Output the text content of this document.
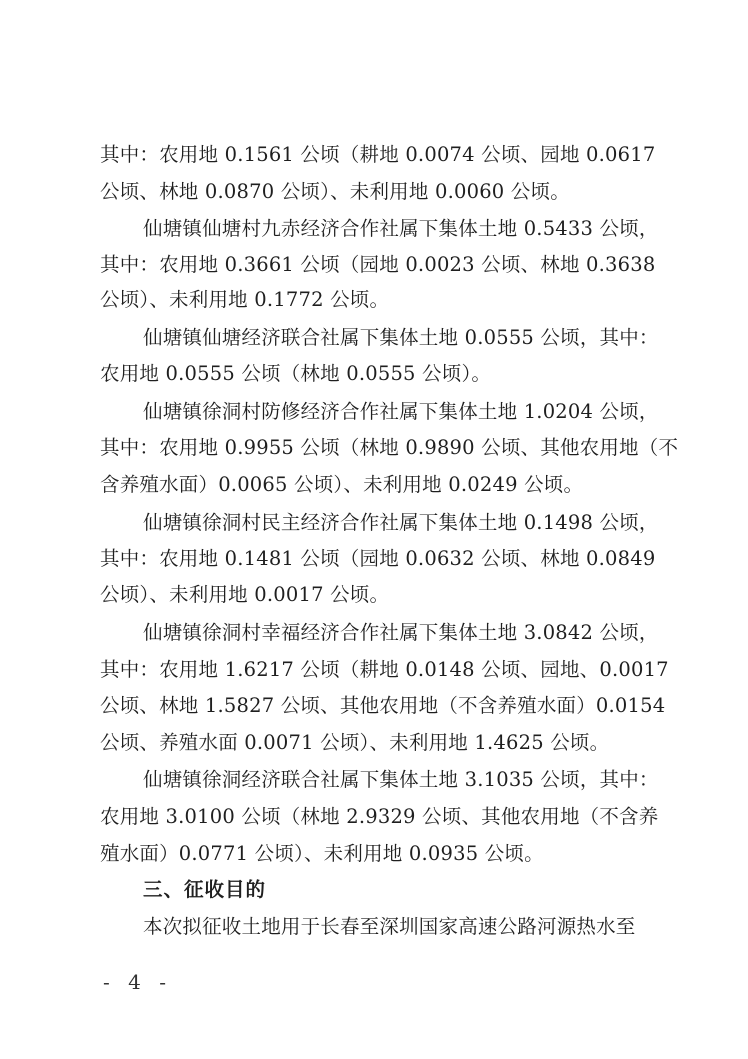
其中：农用地 0.1561 公顷（耕地 0.0074 公顷、园地 0.0617
公顷、林地 0.0870 公顷）、未利用地 0.0060 公顷。
仙塘镇仙塘村九赤经济合作社属下集体土地 0.5433 公顷，
其中：农用地 0.3661 公顷（园地 0.0023 公顷、林地 0.3638
公顷）、未利用地 0.1772 公顷。
仙塘镇仙塘经济联合社属下集体土地 0.0555 公顷，其中：
农用地 0.0555 公顷（林地 0.0555 公顷）。
仙塘镇徐洞村防修经济合作社属下集体土地 1.0204 公顷，
其中：农用地 0.9955 公顷（林地 0.9890 公顷、其他农用地（不
含养殖水面）0.0065 公顷）、未利用地 0.0249 公顷。
仙塘镇徐洞村民主经济合作社属下集体土地 0.1498 公顷，
其中：农用地 0.1481 公顷（园地 0.0632 公顷、林地 0.0849
公顷）、未利用地 0.0017 公顷。
仙塘镇徐洞村幸福经济合作社属下集体土地 3.0842 公顷，
其中：农用地 1.6217 公顷（耕地 0.0148 公顷、园地、0.0017
公顷、林地 1.5827 公顷、其他农用地（不含养殖水面）0.0154
公顷、养殖水面 0.0071 公顷）、未利用地 1.4625 公顷。
仙塘镇徐洞经济联合社属下集体土地 3.1035 公顷，其中：
农用地 3.0100 公顷（林地 2.9329 公顷、其他农用地（不含养
殖水面）0.0771 公顷）、未利用地 0.0935 公顷。
三、征收目的
本次拟征收土地用于长春至深圳国家高速公路河源热水至
- 4 -
